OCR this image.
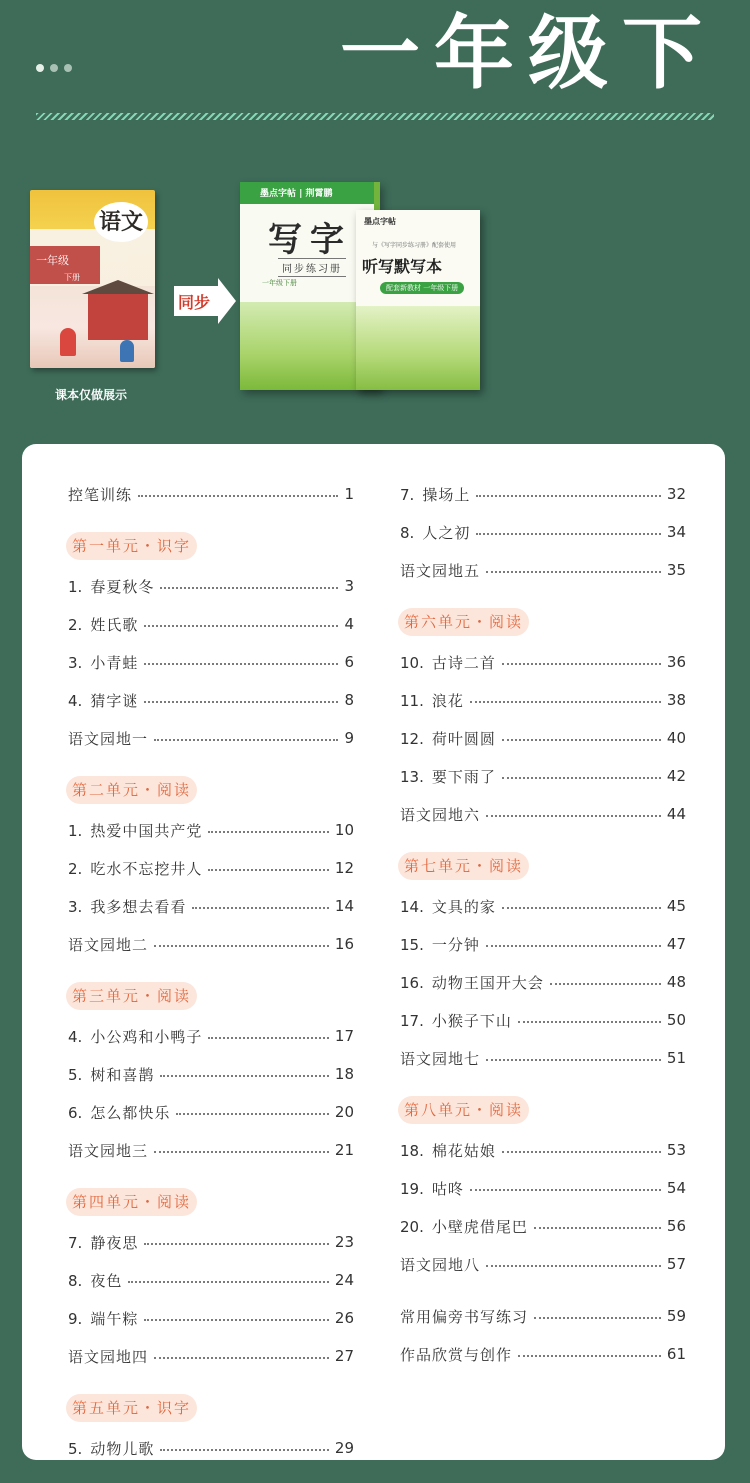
一年级下
语文
一年级
下册
课本仅做展示
同步
墨点字帖 | 荆霄鹏
写字
同步练习册
一年级下册
墨点字帖
与《写字同步练习册》配套使用
听写默写本
配套新教材 一年级下册
控笔训练	1
第一单元・识字
1. 春夏秋冬	3
2. 姓氏歌	4
3. 小青蛙	6
4. 猜字谜	8
语文园地一	9
第二单元・阅读
1. 热爱中国共产党	10
2. 吃水不忘挖井人	12
3. 我多想去看看	14
语文园地二	16
第三单元・阅读
4. 小公鸡和小鸭子	17
5. 树和喜鹊	18
6. 怎么都快乐	20
语文园地三	21
第四单元・阅读
7. 静夜思	23
8. 夜色	24
9. 端午粽	26
语文园地四	27
第五单元・识字
5. 动物儿歌	29
7. 操场上	32
8. 人之初	34
语文园地五	35
第六单元・阅读
10. 古诗二首	36
11. 浪花	38
12. 荷叶圆圆	40
13. 要下雨了	42
语文园地六	44
第七单元・阅读
14. 文具的家	45
15. 一分钟	47
16. 动物王国开大会	48
17. 小猴子下山	50
语文园地七	51
第八单元・阅读
18. 棉花姑娘	53
19. 咕咚	54
20. 小壁虎借尾巴	56
语文园地八	57
常用偏旁书写练习	59
作品欣赏与创作	61
